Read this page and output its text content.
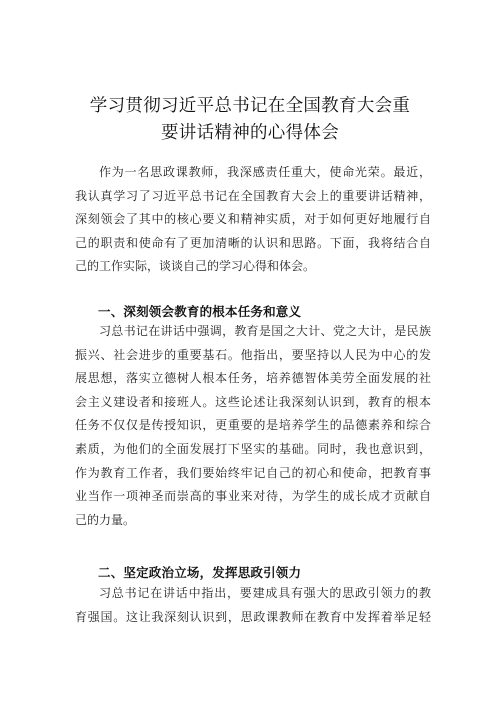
学习贯彻习近平总书记在全国教育大会重
要讲话精神的心得体会
作为一名思政课教师，我深感责任重大，使命光荣。最近，
我认真学习了习近平总书记在全国教育大会上的重要讲话精神，
深刻领会了其中的核心要义和精神实质，对于如何更好地履行自
己的职责和使命有了更加清晰的认识和思路。下面，我将结合自
己的工作实际，谈谈自己的学习心得和体会。
一、深刻领会教育的根本任务和意义
习总书记在讲话中强调，教育是国之大计、党之大计，是民族
振兴、社会进步的重要基石。他指出，要坚持以人民为中心的发
展思想，落实立德树人根本任务，培养德智体美劳全面发展的社
会主义建设者和接班人。这些论述让我深刻认识到，教育的根本
任务不仅仅是传授知识，更重要的是培养学生的品德素养和综合
素质，为他们的全面发展打下坚实的基础。同时，我也意识到，
作为教育工作者，我们要始终牢记自己的初心和使命，把教育事
业当作一项神圣而崇高的事业来对待，为学生的成长成才贡献自
己的力量。
二、坚定政治立场，发挥思政引领力
习总书记在讲话中指出，要建成具有强大的思政引领力的教
育强国。这让我深刻认识到，思政课教师在教育中发挥着举足轻
